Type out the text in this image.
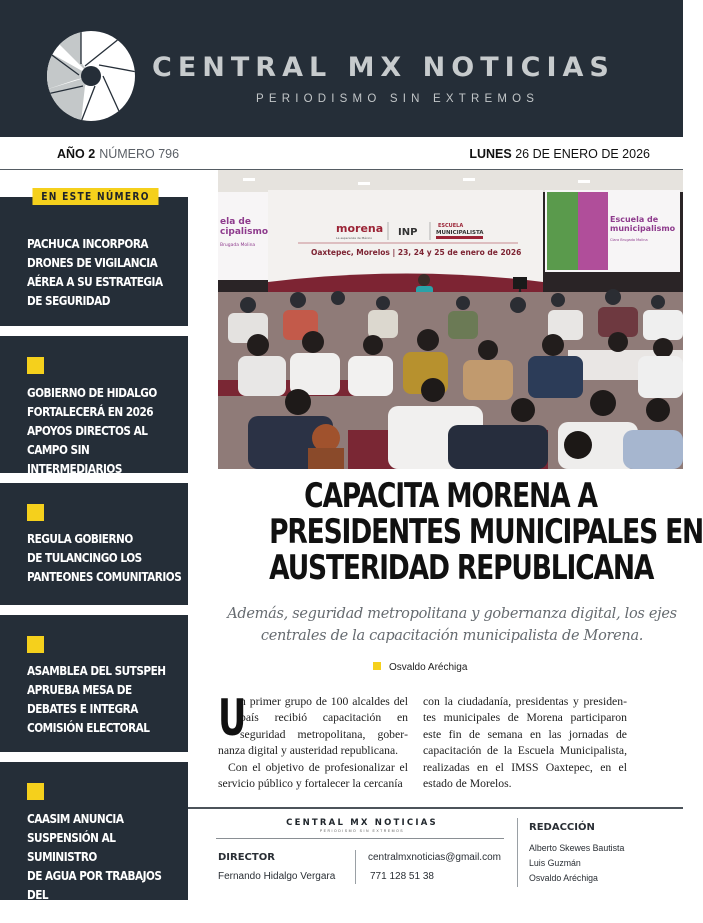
CENTRAL MX NOTICIAS
PERIODISMO SIN EXTREMOS
AÑO 2 NÚMERO 796	LUNES 26 DE ENERO DE 2026
EN ESTE NÚMERO
PACHUCA INCORPORA
DRONES DE VIGILANCIA
AÉREA A SU ESTRATEGIA
DE SEGURIDAD
GOBIERNO DE HIDALGO
FORTALECERÁ EN 2026
APOYOS DIRECTOS AL
CAMPO SIN INTERMEDIARIOS
REGULA GOBIERNO
DE TULANCINGO LOS
PANTEONES COMUNITARIOS
ASAMBLEA DEL SUTSPEH
APRUEBA MESA DE
DEBATES E INTEGRA
COMISIÓN ELECTORAL
CAASIM ANUNCIA
SUSPENSIÓN AL SUMINISTRO
DE AGUA POR TRABAJOS DEL
TREN AIFA-PACHUCA
ela de
cipalismo
Brugada Molina
morena
La esperanza de México	INP
ESCUELA
MUNICIPALISTA
Oaxtepec, Morelos | 23, 24 y 25 de enero de 2026
Escuela de
municipalismo
Clara Brugada Molina
CAPACITA MORENA A
PRESIDENTES MUNICIPALES EN
AUSTERIDAD REPUBLICANA

Además, seguridad metropolitana y gobernanza digital, los ejes centrales de la capacitación municipalista de Morena.

Osvaldo Aréchiga
U
n primer grupo de 100 alcaldes del país recibió capacitación en seguridad metropolitana, gobernanza digital y austeridad republicana.
Con el objetivo de profesionalizar el servicio público y fortalecer la cercanía
con la ciudadanía, presidentas y presidentes municipales de Morena participaron este fin de semana en las jornadas de capacitación de la Escuela Municipalista, realizadas en el IMSS Oaxtepec, en el estado de Morelos.
CENTRAL MX NOTICIAS
PERIODISMO SIN EXTREMOS
DIRECTOR
Fernando Hidalgo Vergara
centralmxnoticias@gmail.com
771 128 51 38
REDACCIÓN
Alberto Skewes Bautista
Luis Guzmán
Osvaldo Aréchiga
